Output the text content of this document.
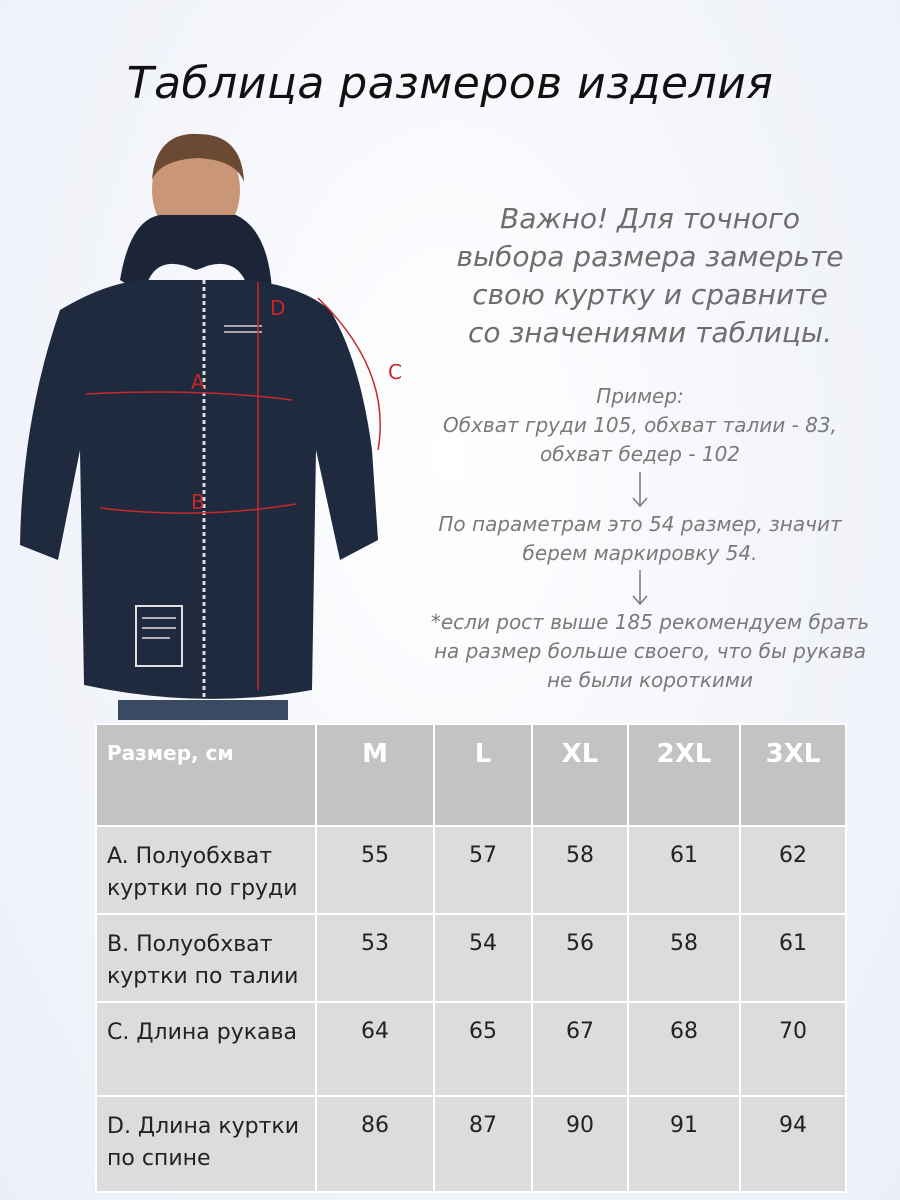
Таблица размеров изделия
A
B
C
D
Важно! Для точного
выбора размера замерьте
свою куртку и сравните
со значениями таблицы.
Пример:
Обхват груди 105, обхват талии - 83,
обхват бедер - 102
По параметрам это 54 размер, значит
берем маркировку 54.
*если рост выше 185 рекомендуем брать
на размер больше своего, что бы рукава
не были короткими
Размер, см	M	L	XL	2XL	3XL
A. Полуобхват куртки по груди	55	57	58	61	62
B. Полуобхват куртки по талии	53	54	56	58	61
C. Длина рукава	64	65	67	68	70
D. Длина куртки по спине	86	87	90	91	94
